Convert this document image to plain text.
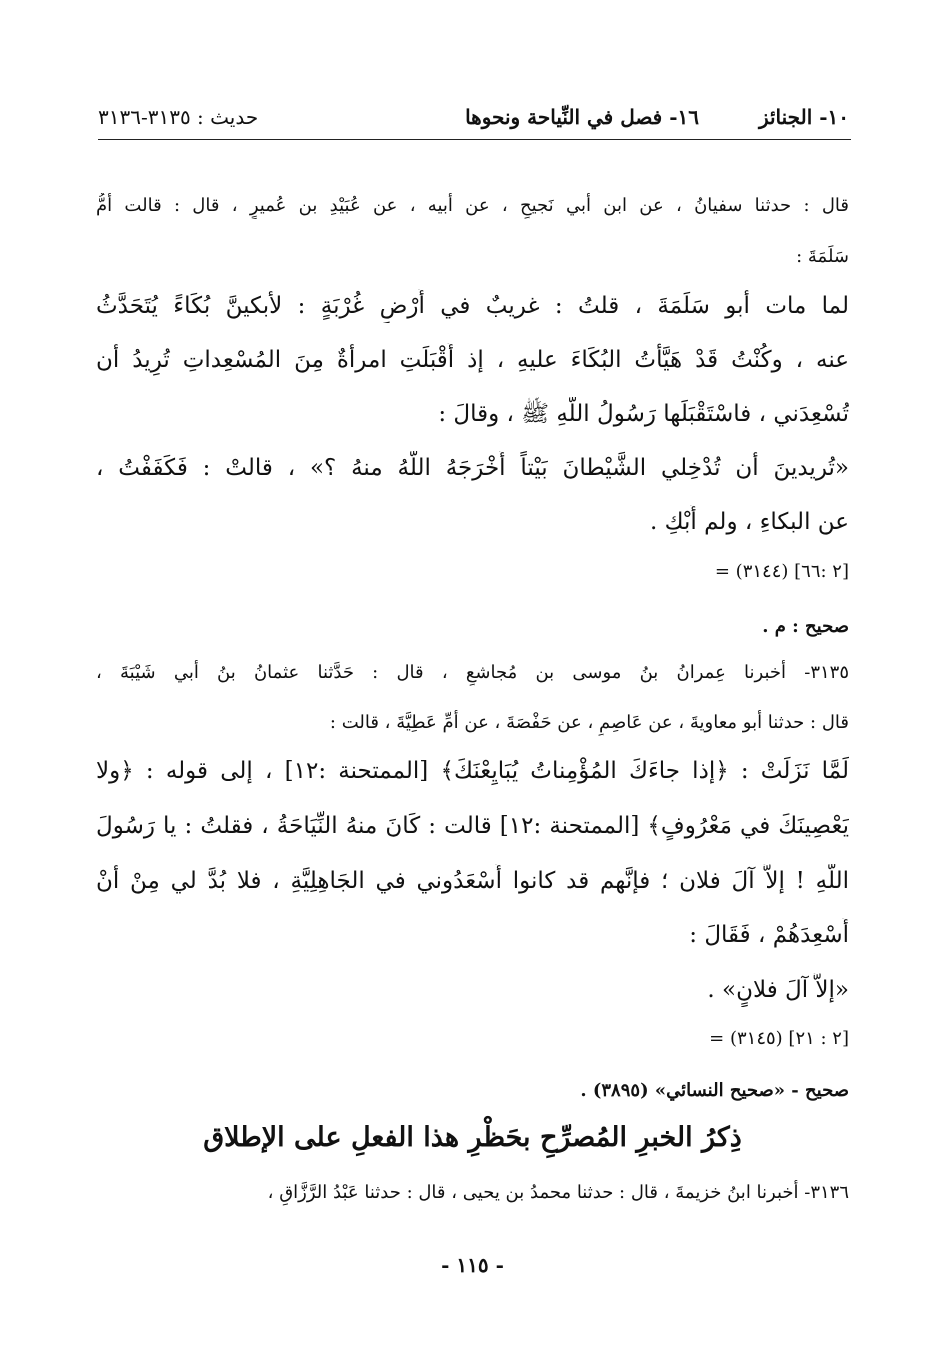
١٠- الجنائز
١٦- فصل في النِّياحة ونحوها
حديث : ٣١٣٥-٣١٣٦
قال : حدثنا سفيانُ ، عن ابن أبي نَجيحٍ ، عن أبيه ، عن عُبَيْدِ بن عُميرٍ ، قال : قالت أمُّ
سَلَمَةَ :
لما مات أبو سَلَمَةَ ، قلتُ : غريبٌ في أَرْضِ غُرْبَةٍ : لأبكينَّ بُكَاءً يُتَحَدَّثُ
عنه ، وكُنْتُ قَدْ هَيَّأْتُ البُكَاءَ عليهِ ، إذ أَقْبَلَتِ امرأةٌ مِنَ المُسْعِداتِ تُرِيدُ أن
تُسْعِدَني ، فاسْتَقْبَلَها رَسُولُ اللَّهِ ﷺ ، وقالَ :
«تُريدينَ أن تُدْخِلي الشَّيْطانَ بَيْتاً أَخْرَجَهُ اللَّهُ منهُ ؟» ، قالتْ : فَكَفَفْتُ ،
عن البكاءِ ، ولم أَبْكِ .
= (٣١٤٤) [٢ :٦٦]
صحيح : م .
٣١٣٥- أخبرنا عِمرانُ بنُ موسى بن مُجاشعٍ ، قال : حَدَّثنا عثمانُ بنُ أبي شَيْبَةَ ،
قال : حدثنا أبو معاويةَ ، عن عَاصِمٍ ، عن حَفْصَةَ ، عن أمِّ عَطِيَّةَ ، قالت :
لَمَّا نَزَلَتْ : ﴿إذا جاءَكَ المُؤْمِناتُ يُبَايِعْنَكَ﴾ [الممتحنة :١٢] ، إلى قوله : ﴿ولا
يَعْصِينَكَ في مَعْرُوفٍ﴾ [الممتحنة :١٢] قالت : كَانَ منهُ النِّيَاحَةُ ، فقلتُ : يا رَسُولَ
اللَّهِ ! إلاَّ آلَ فلان ؛ فإنَّهم قد كانوا أَسْعَدُوني في الجَاهِلِيَّةِ ، فلا بُدَّ لي مِنْ أنْ
أُسْعِدَهُمْ ، فَقَالَ :
«إلاَّ آلَ فلانٍ» .
= (٣١٤٥) [٢ : ٢١]
صحيح - «صحيح النسائي» (٣٨٩٥) .
ذِكرُ الخبرِ المُصرِّحِ بحَظْرِ هذا الفعلِ على الإطلاق
٣١٣٦- أخبرنا ابنُ خزيمةَ ، قال : حدثنا محمدُ بن يحيى ، قال : حدثنا عَبْدُ الرَّزَّاقِ ،
- ١١٥ -
